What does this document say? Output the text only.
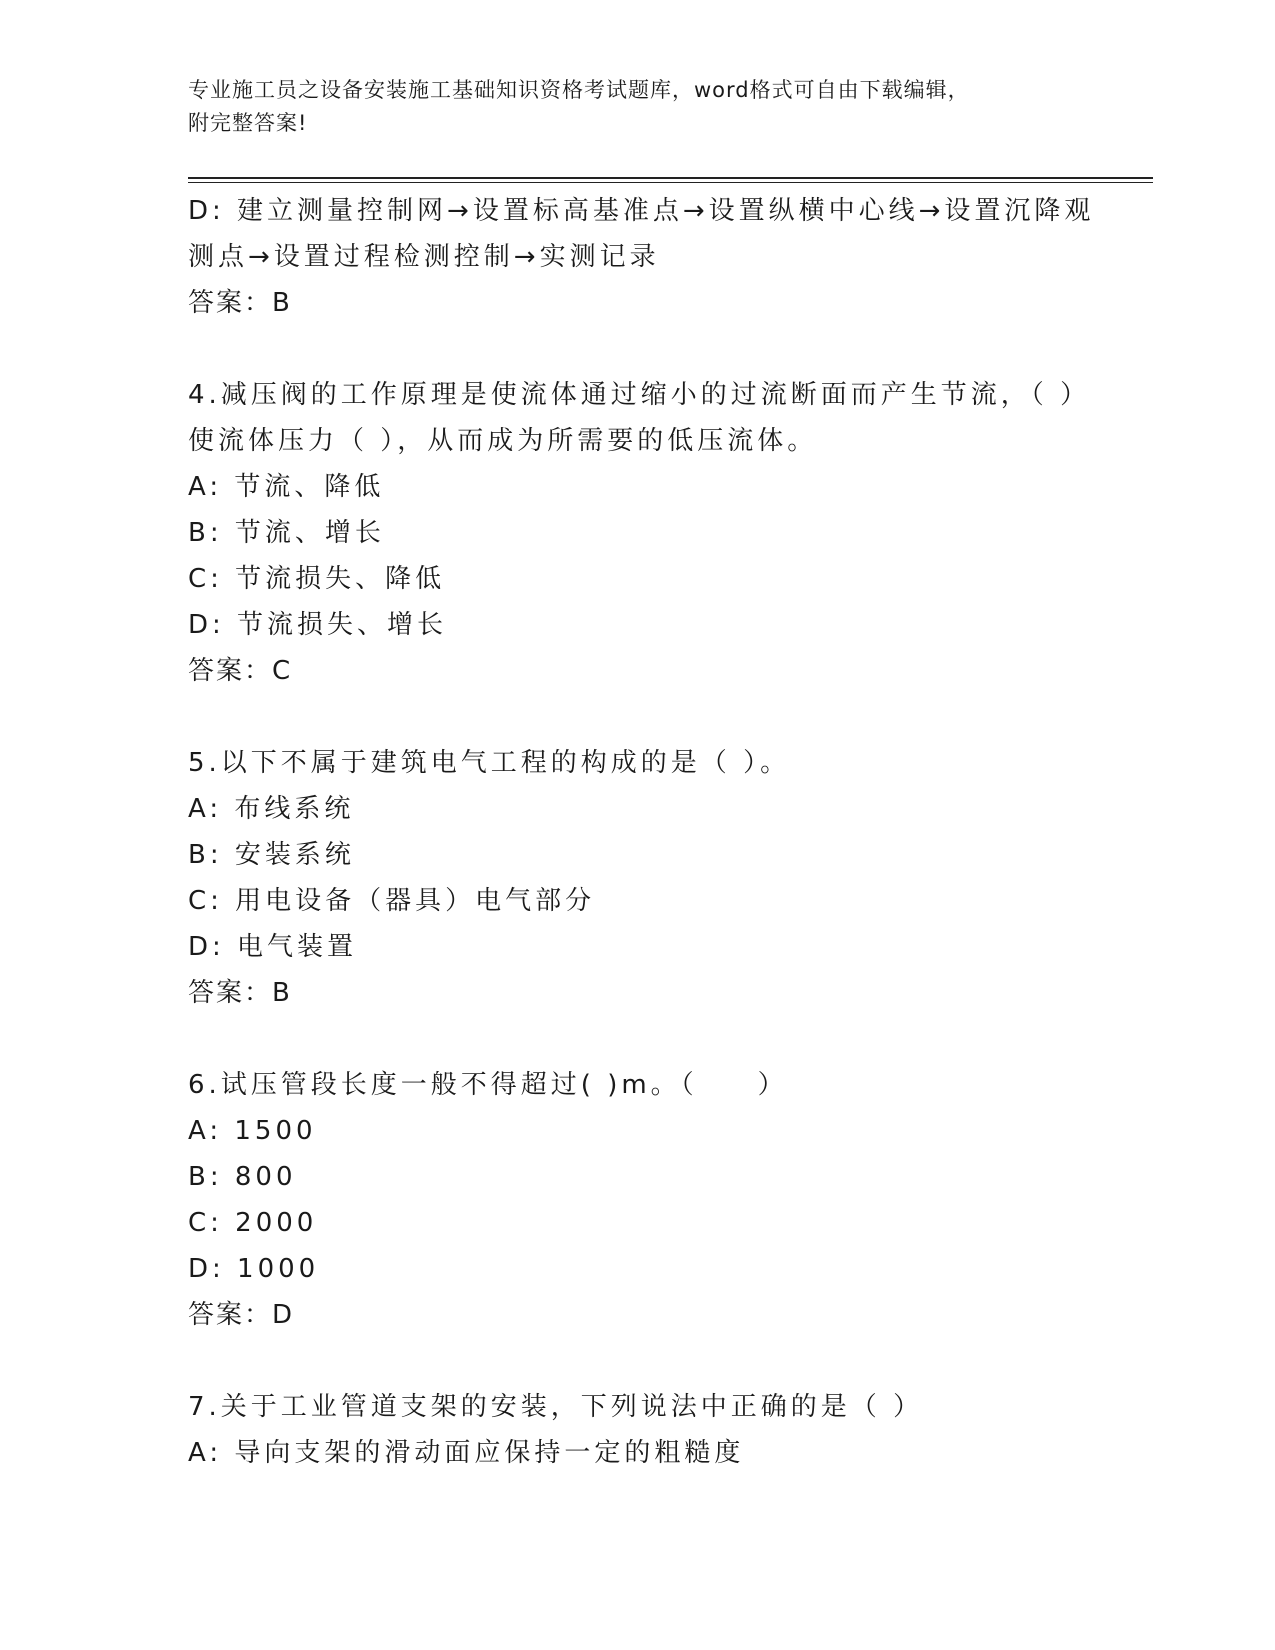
专业施工员之设备安装施工基础知识资格考试题库，word格式可自由下载编辑，
附完整答案!
D: 建立测量控制网→设置标高基准点→设置纵横中心线→设置沉降观
测点→设置过程检测控制→实测记录
答案：B
4.减压阀的工作原理是使流体通过缩小的过流断面而产生节流，（ ）
使流体压力（ ），从而成为所需要的低压流体。
A: 节流、降低
B: 节流、增长
C: 节流损失、降低
D: 节流损失、增长
答案：C
5.以下不属于建筑电气工程的构成的是（ ）。
A: 布线系统
B: 安装系统
C: 用电设备（器具）电气部分
D: 电气装置
答案：B
6.试压管段长度一般不得超过( )m。（　　）
A: 1500
B: 800
C: 2000
D: 1000
答案：D
7.关于工业管道支架的安装，下列说法中正确的是（ ）
A: 导向支架的滑动面应保持一定的粗糙度
